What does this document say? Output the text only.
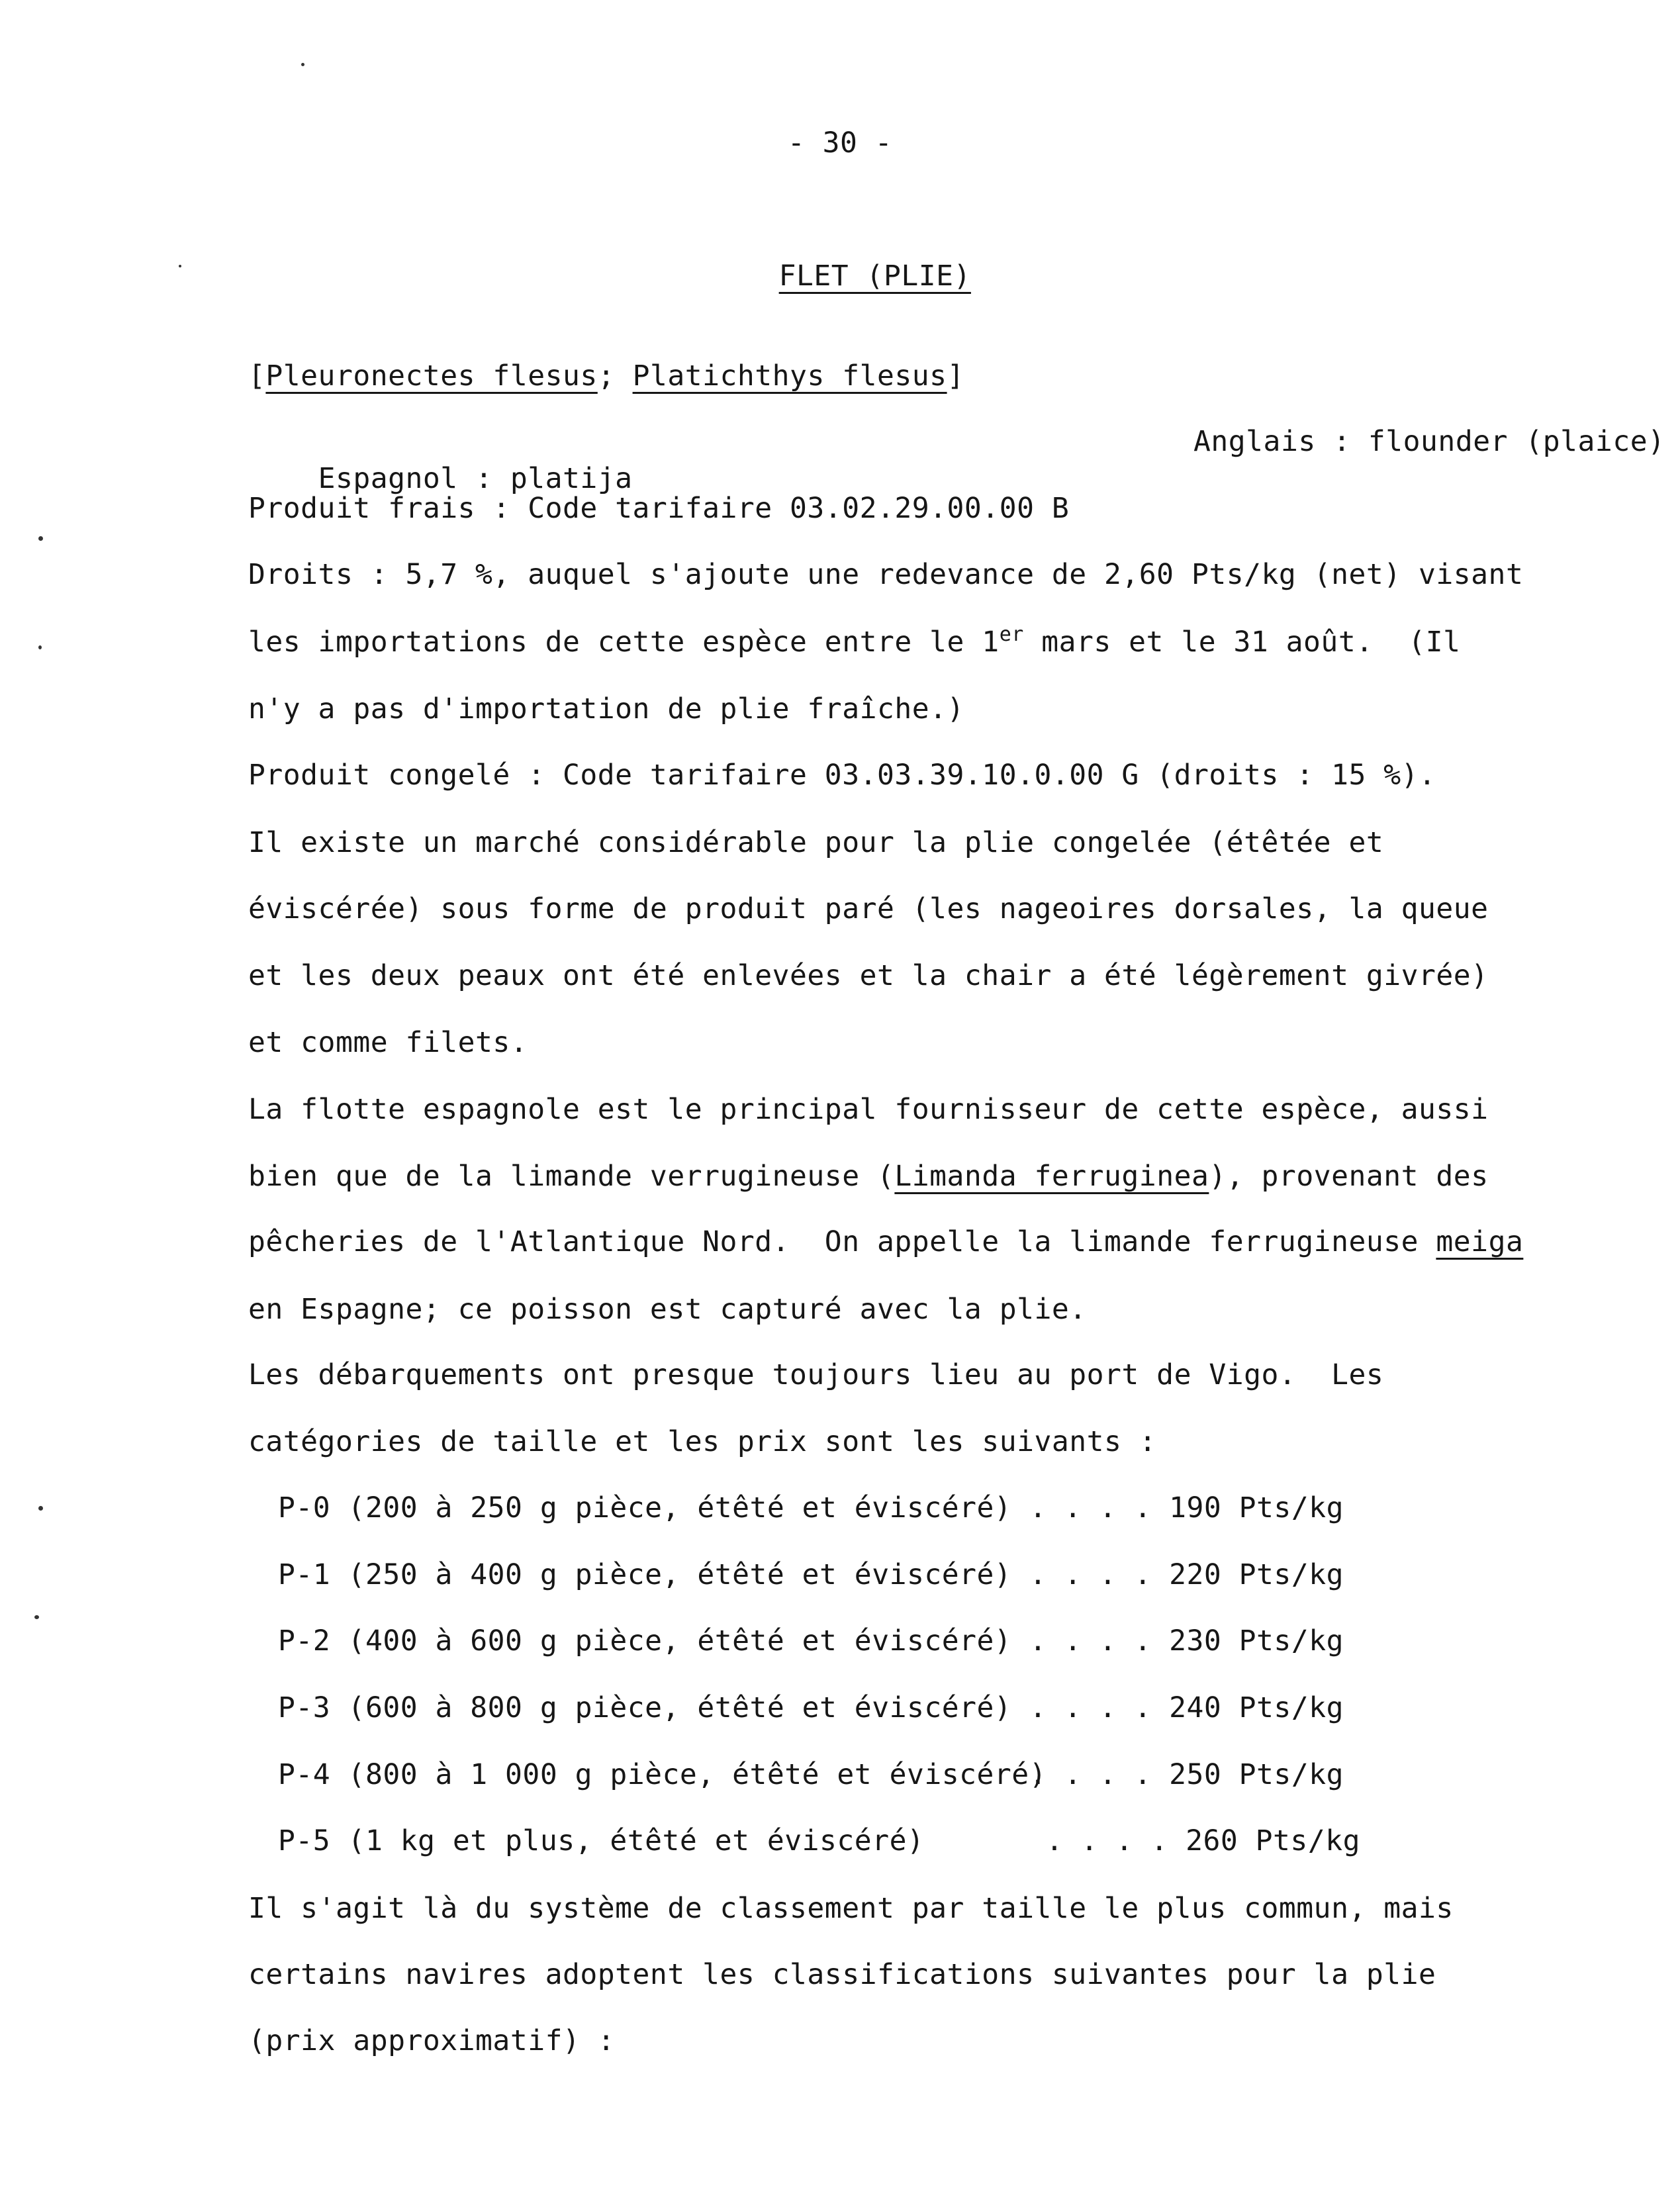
- 30 -

FLET (PLIE)

[Pleuronectes flesus; Platichthys flesus]

Espagnol : platija

Anglais : flounder (plaice)

Produit frais : Code tarifaire 03.02.29.00.00 B

Droits : 5,7 %, auquel s'ajoute une redevance de 2,60 Pts/kg (net) visant

les importations de cette espèce entre le 1er mars et le 31 août.  (Il

n'y a pas d'importation de plie fraîche.)

Produit congelé : Code tarifaire 03.03.39.10.0.00 G (droits : 15 %).

Il existe un marché considérable pour la plie congelée (étêtée et

éviscérée) sous forme de produit paré (les nageoires dorsales, la queue

et les deux peaux ont été enlevées et la chair a été légèrement givrée)

et comme filets.

La flotte espagnole est le principal fournisseur de cette espèce, aussi

bien que de la limande verrugineuse (Limanda ferruginea), provenant des

pêcheries de l'Atlantique Nord.  On appelle la limande ferrugineuse meiga

en Espagne; ce poisson est capturé avec la plie.

Les débarquements ont presque toujours lieu au port de Vigo.  Les

catégories de taille et les prix sont les suivants :

P-0 (200 à 250 g pièce, étêté et éviscéré) . . . . 190 Pts/kg
P-1 (250 à 400 g pièce, étêté et éviscéré) . . . . 220 Pts/kg
P-2 (400 à 600 g pièce, étêté et éviscéré) . . . . 230 Pts/kg
P-3 (600 à 800 g pièce, étêté et éviscéré) . . . . 240 Pts/kg
P-4 (800 à 1 000 g pièce, étêté et éviscéré)
. . . . 250 Pts/kg
P-5 (1 kg et plus, étêté et éviscéré)	. . . . 260 Pts/kg

Il s'agit là du système de classement par taille le plus commun, mais

certains navires adoptent les classifications suivantes pour la plie

(prix approximatif) :
